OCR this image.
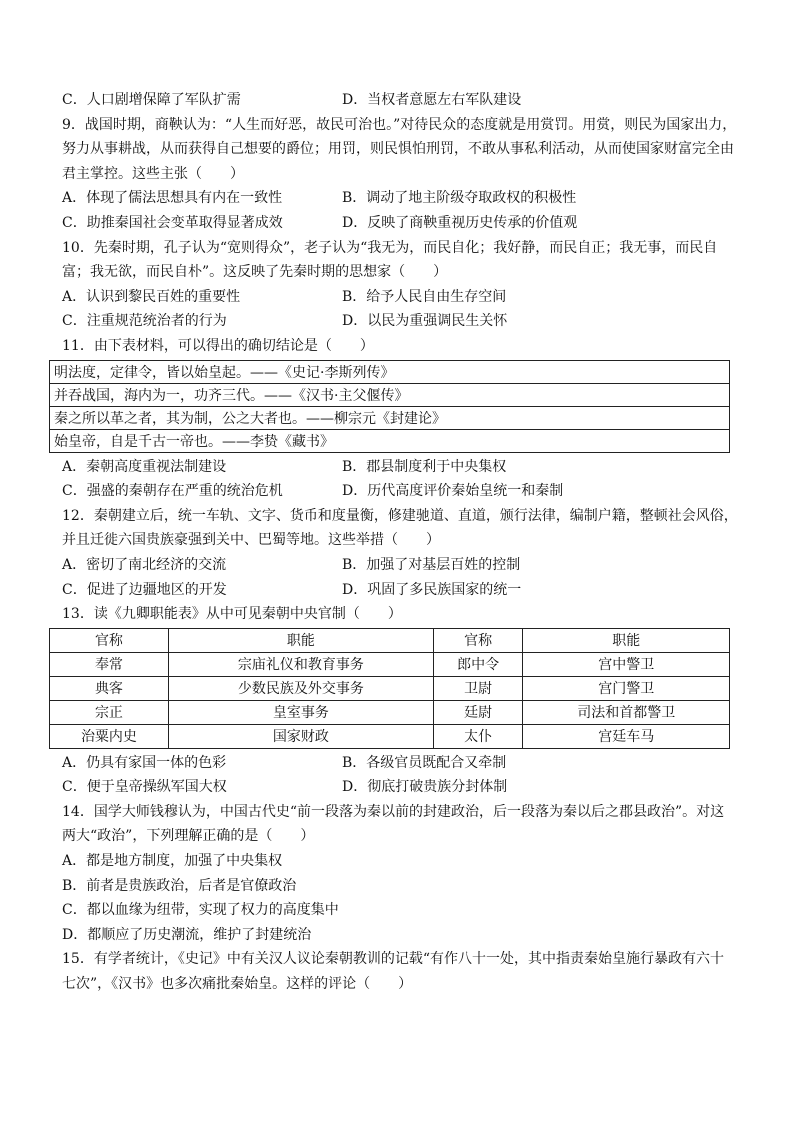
C．人口剧增保障了军队扩需	D．当权者意愿左右军队建设
9．战国时期，商鞅认为：“人生而好恶，故民可治也。”对待民众的态度就是用赏罚。用赏，则民为国家出力，
努力从事耕战，从而获得自己想要的爵位；用罚，则民惧怕刑罚，不敢从事私利活动，从而使国家财富完全由
君主掌控。这些主张（　　）
A．体现了儒法思想具有内在一致性	B．调动了地主阶级夺取政权的积极性
C．助推秦国社会变革取得显著成效	D．反映了商鞅重视历史传承的价值观
10．先秦时期，孔子认为“宽则得众”，老子认为“我无为，而民自化；我好静，而民自正；我无事，而民自
富；我无欲，而民自朴”。这反映了先秦时期的思想家（　　）
A．认识到黎民百姓的重要性	B．给予人民自由生存空间
C．注重规范统治者的行为	D．以民为重强调民生关怀
11．由下表材料，可以得出的确切结论是（　　）
明法度，定律令，皆以始皇起。——《史记·李斯列传》
并吞战国，海内为一，功齐三代。——《汉书·主父偃传》
秦之所以革之者，其为制，公之大者也。——柳宗元《封建论》
始皇帝，自是千古一帝也。——李贽《藏书》
A．秦朝高度重视法制建设	B．郡县制度利于中央集权
C．强盛的秦朝存在严重的统治危机	D．历代高度评价秦始皇统一和秦制
12．秦朝建立后，统一车轨、文字、货币和度量衡，修建驰道、直道，颁行法律，编制户籍，整顿社会风俗，
并且迁徙六国贵族豪强到关中、巴蜀等地。这些举措（　　）
A．密切了南北经济的交流	B．加强了对基层百姓的控制
C．促进了边疆地区的开发	D．巩固了多民族国家的统一
13．读《九卿职能表》从中可见秦朝中央官制（　　）
官称	职能	官称	职能
奉常	宗庙礼仪和教育事务	郎中令	宫中警卫
典客	少数民族及外交事务	卫尉	宫门警卫
宗正	皇室事务	廷尉	司法和首都警卫
治粟内史	国家财政	太仆	宫廷车马
A．仍具有家国一体的色彩	B．各级官员既配合又牵制
C．便于皇帝操纵军国大权	D．彻底打破贵族分封体制
14．国学大师钱穆认为，中国古代史“前一段落为秦以前的封建政治，后一段落为秦以后之郡县政治”。对这
两大“政治”，下列理解正确的是（　　）
A．都是地方制度，加强了中央集权
B．前者是贵族政治，后者是官僚政治
C．都以血缘为纽带，实现了权力的高度集中
D．都顺应了历史潮流，维护了封建统治
15．有学者统计，《史记》中有关汉人议论秦朝教训的记载“有作八十一处，其中指责秦始皇施行暴政有六十
七次”，《汉书》也多次痛批秦始皇。这样的评论（　　）
